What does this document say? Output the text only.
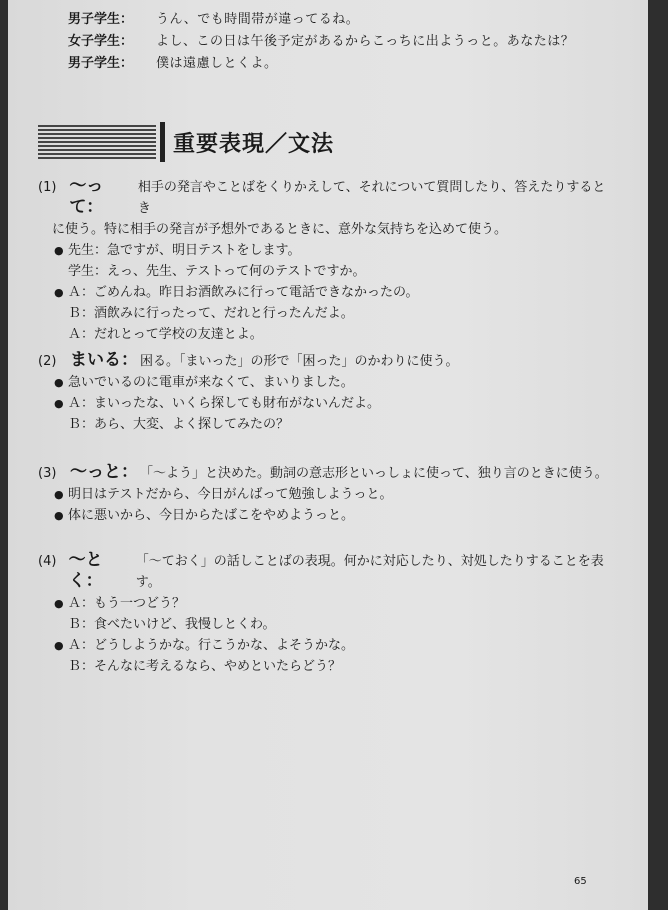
男子学生：	うん、でも時間帯が違ってるね。
女子学生：	よし、この日は午後予定があるからこっちに出ようっと。あなたは？
男子学生：	僕は遠慮しとくよ。
重要表現／文法
(1) 〜って：
相手の発言やことばをくりかえして、それについて質問したり、答えたりするとき
に使う。特に相手の発言が予想外であるときに、意外な気持ちを込めて使う。
● 先生：急ですが、明日テストをします。
学生：えっ、先生、テストって何のテストですか。
● Ａ：ごめんね。昨日お酒飲みに行って電話できなかったの。
Ｂ：酒飲みに行ったって、だれと行ったんだよ。
Ａ：だれとって学校の友達とよ。
(2) まいる： 困る。「まいった」の形で「困った」のかわりに使う。
● 急いでいるのに電車が来なくて、まいりました。
● Ａ：まいったな、いくら探しても財布がないんだよ。
Ｂ：あら、大変、よく探してみたの？
(3) 〜っと： 「〜よう」と決めた。動詞の意志形といっしょに使って、独り言のときに使う。
● 明日はテストだから、今日がんばって勉強しようっと。
● 体に悪いから、今日からたばこをやめようっと。
(4) 〜とく：
「〜ておく」の話しことばの表現。何かに対応したり、対処したりすることを表す。
● Ａ：もう一つどう？
Ｂ：食べたいけど、我慢しとくわ。
● Ａ：どうしようかな。行こうかな、よそうかな。
Ｂ：そんなに考えるなら、やめといたらどう？
65
